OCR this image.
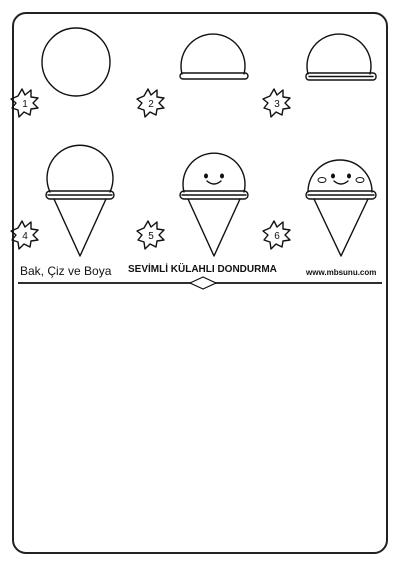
1	2	3
4	5	6
Bak, Çiz ve Boya SEVİMLİ KÜLAHLI DONDURMA	www.mbsunu.com
